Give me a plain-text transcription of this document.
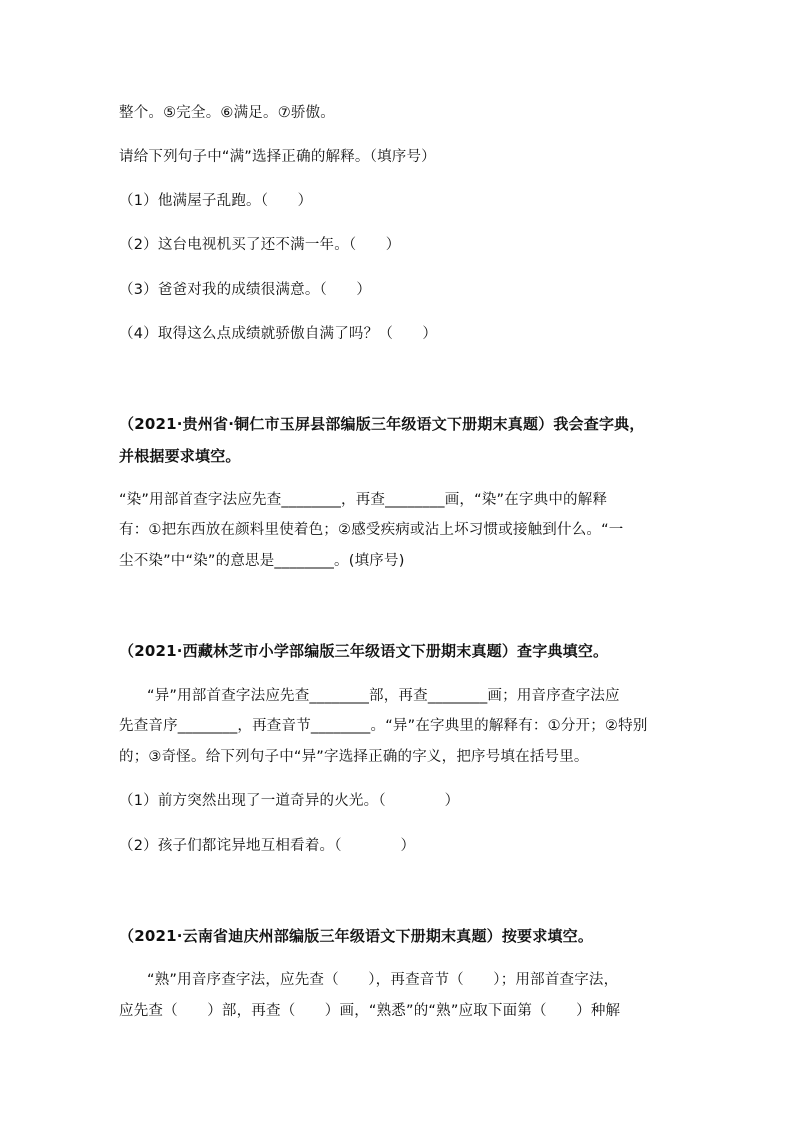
整个。⑤完全。⑥满足。⑦骄傲。
请给下列句子中“满”选择正确的解释。（填序号）
（1）他满屋子乱跑。（　　）
（2）这台电视机买了还不满一年。（　　）
（3）爸爸对我的成绩很满意。（　　）
（4）取得这么点成绩就骄傲自满了吗？（　　）
（2021·贵州省·铜仁市玉屏县部编版三年级语文下册期末真题）我会查字典，
并根据要求填空。
“染”用部首查字法应先查________，再查________画，“染”在字典中的解释
有：①把东西放在颜料里使着色；②感受疾病或沾上坏习惯或接触到什么。“一
尘不染”中“染”的意思是________。(填序号)
（2021·西藏林芝市小学部编版三年级语文下册期末真题）查字典填空。
“异”用部首查字法应先查________部，再查________画；用音序查字法应
先查音序________，再查音节________。“异”在字典里的解释有：①分开；②特别
的；③奇怪。给下列句子中“异”字选择正确的字义，把序号填在括号里。
（1）前方突然出现了一道奇异的火光。（　　　　）
（2）孩子们都诧异地互相看着。（　　　　）
（2021·云南省迪庆州部编版三年级语文下册期末真题）按要求填空。
“熟”用音序查字法，应先查（　　），再查音节（　　）；用部首查字法，
应先查（　　）部，再查（　　）画，“熟悉”的“熟”应取下面第（　　）种解
